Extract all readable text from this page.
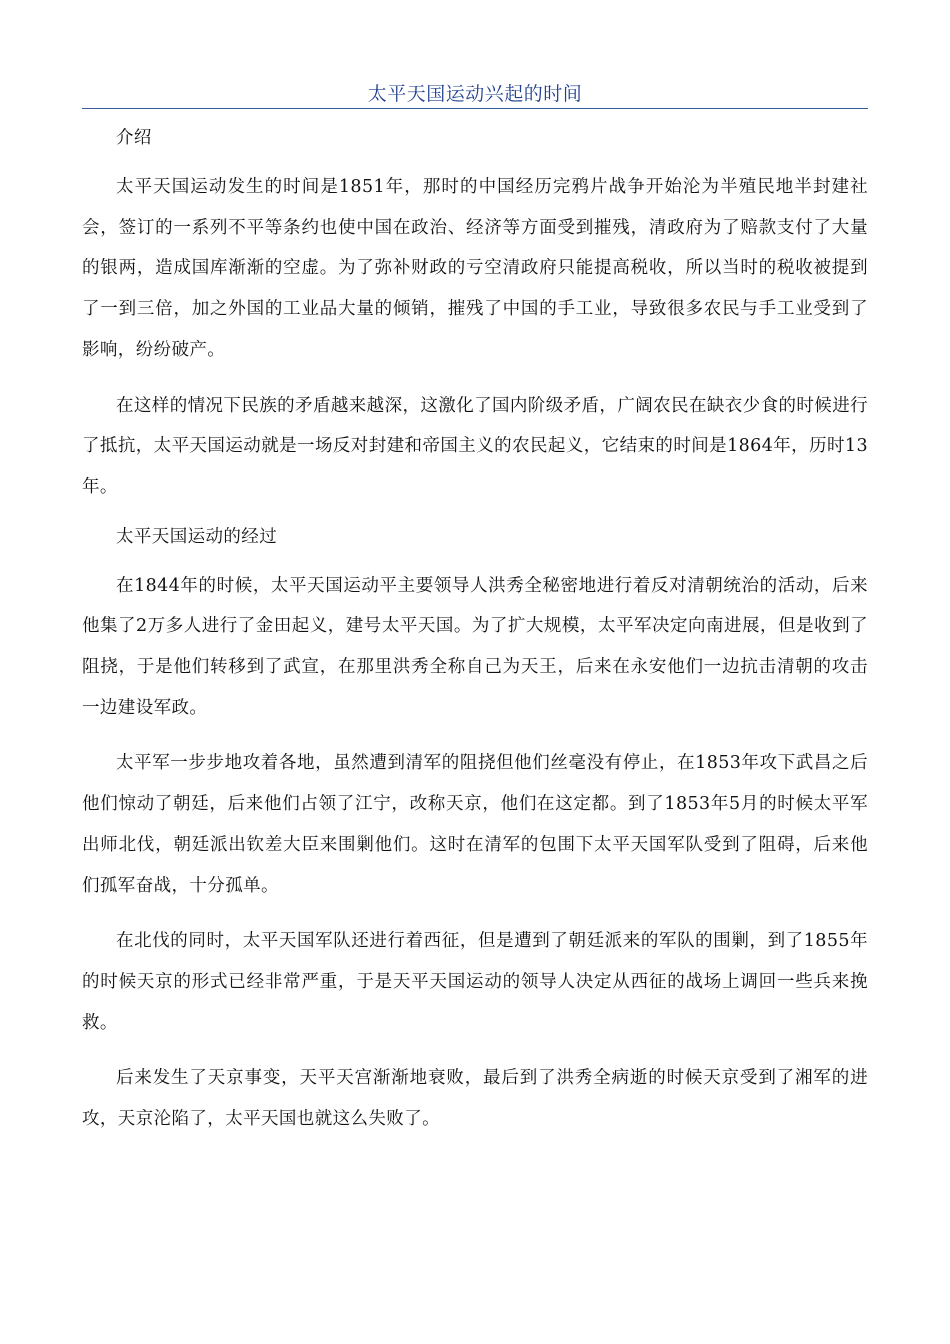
太平天国运动兴起的时间

介绍

太平天国运动发生的时间是1851年，那时的中国经历完鸦片战争开始沦为半殖民地半封建社会，签订的一系列不平等条约也使中国在政治、经济等方面受到摧残，清政府为了赔款支付了大量的银两，造成国库渐渐的空虚。为了弥补财政的亏空清政府只能提高税收，所以当时的税收被提到了一到三倍，加之外国的工业品大量的倾销，摧残了中国的手工业，导致很多农民与手工业受到了影响，纷纷破产。

在这样的情况下民族的矛盾越来越深，这激化了国内阶级矛盾，广阔农民在缺衣少食的时候进行了抵抗，太平天国运动就是一场反对封建和帝国主义的农民起义，它结束的时间是1864年，历时13年。

太平天国运动的经过

在1844年的时候，太平天国运动平主要领导人洪秀全秘密地进行着反对清朝统治的活动，后来他集了2万多人进行了金田起义，建号太平天国。为了扩大规模，太平军决定向南进展，但是收到了阻挠，于是他们转移到了武宣，在那里洪秀全称自己为天王，后来在永安他们一边抗击清朝的攻击一边建设军政。

太平军一步步地攻着各地，虽然遭到清军的阻挠但他们丝毫没有停止，在1853年攻下武昌之后他们惊动了朝廷，后来他们占领了江宁，改称天京，他们在这定都。到了1853年5月的时候太平军出师北伐，朝廷派出钦差大臣来围剿他们。这时在清军的包围下太平天国军队受到了阻碍，后来他们孤军奋战，十分孤单。

在北伐的同时，太平天国军队还进行着西征，但是遭到了朝廷派来的军队的围剿，到了1855年的时候天京的形式已经非常严重，于是天平天国运动的领导人决定从西征的战场上调回一些兵来挽救。

后来发生了天京事变，天平天宫渐渐地衰败，最后到了洪秀全病逝的时候天京受到了湘军的进攻，天京沦陷了，太平天国也就这么失败了。
